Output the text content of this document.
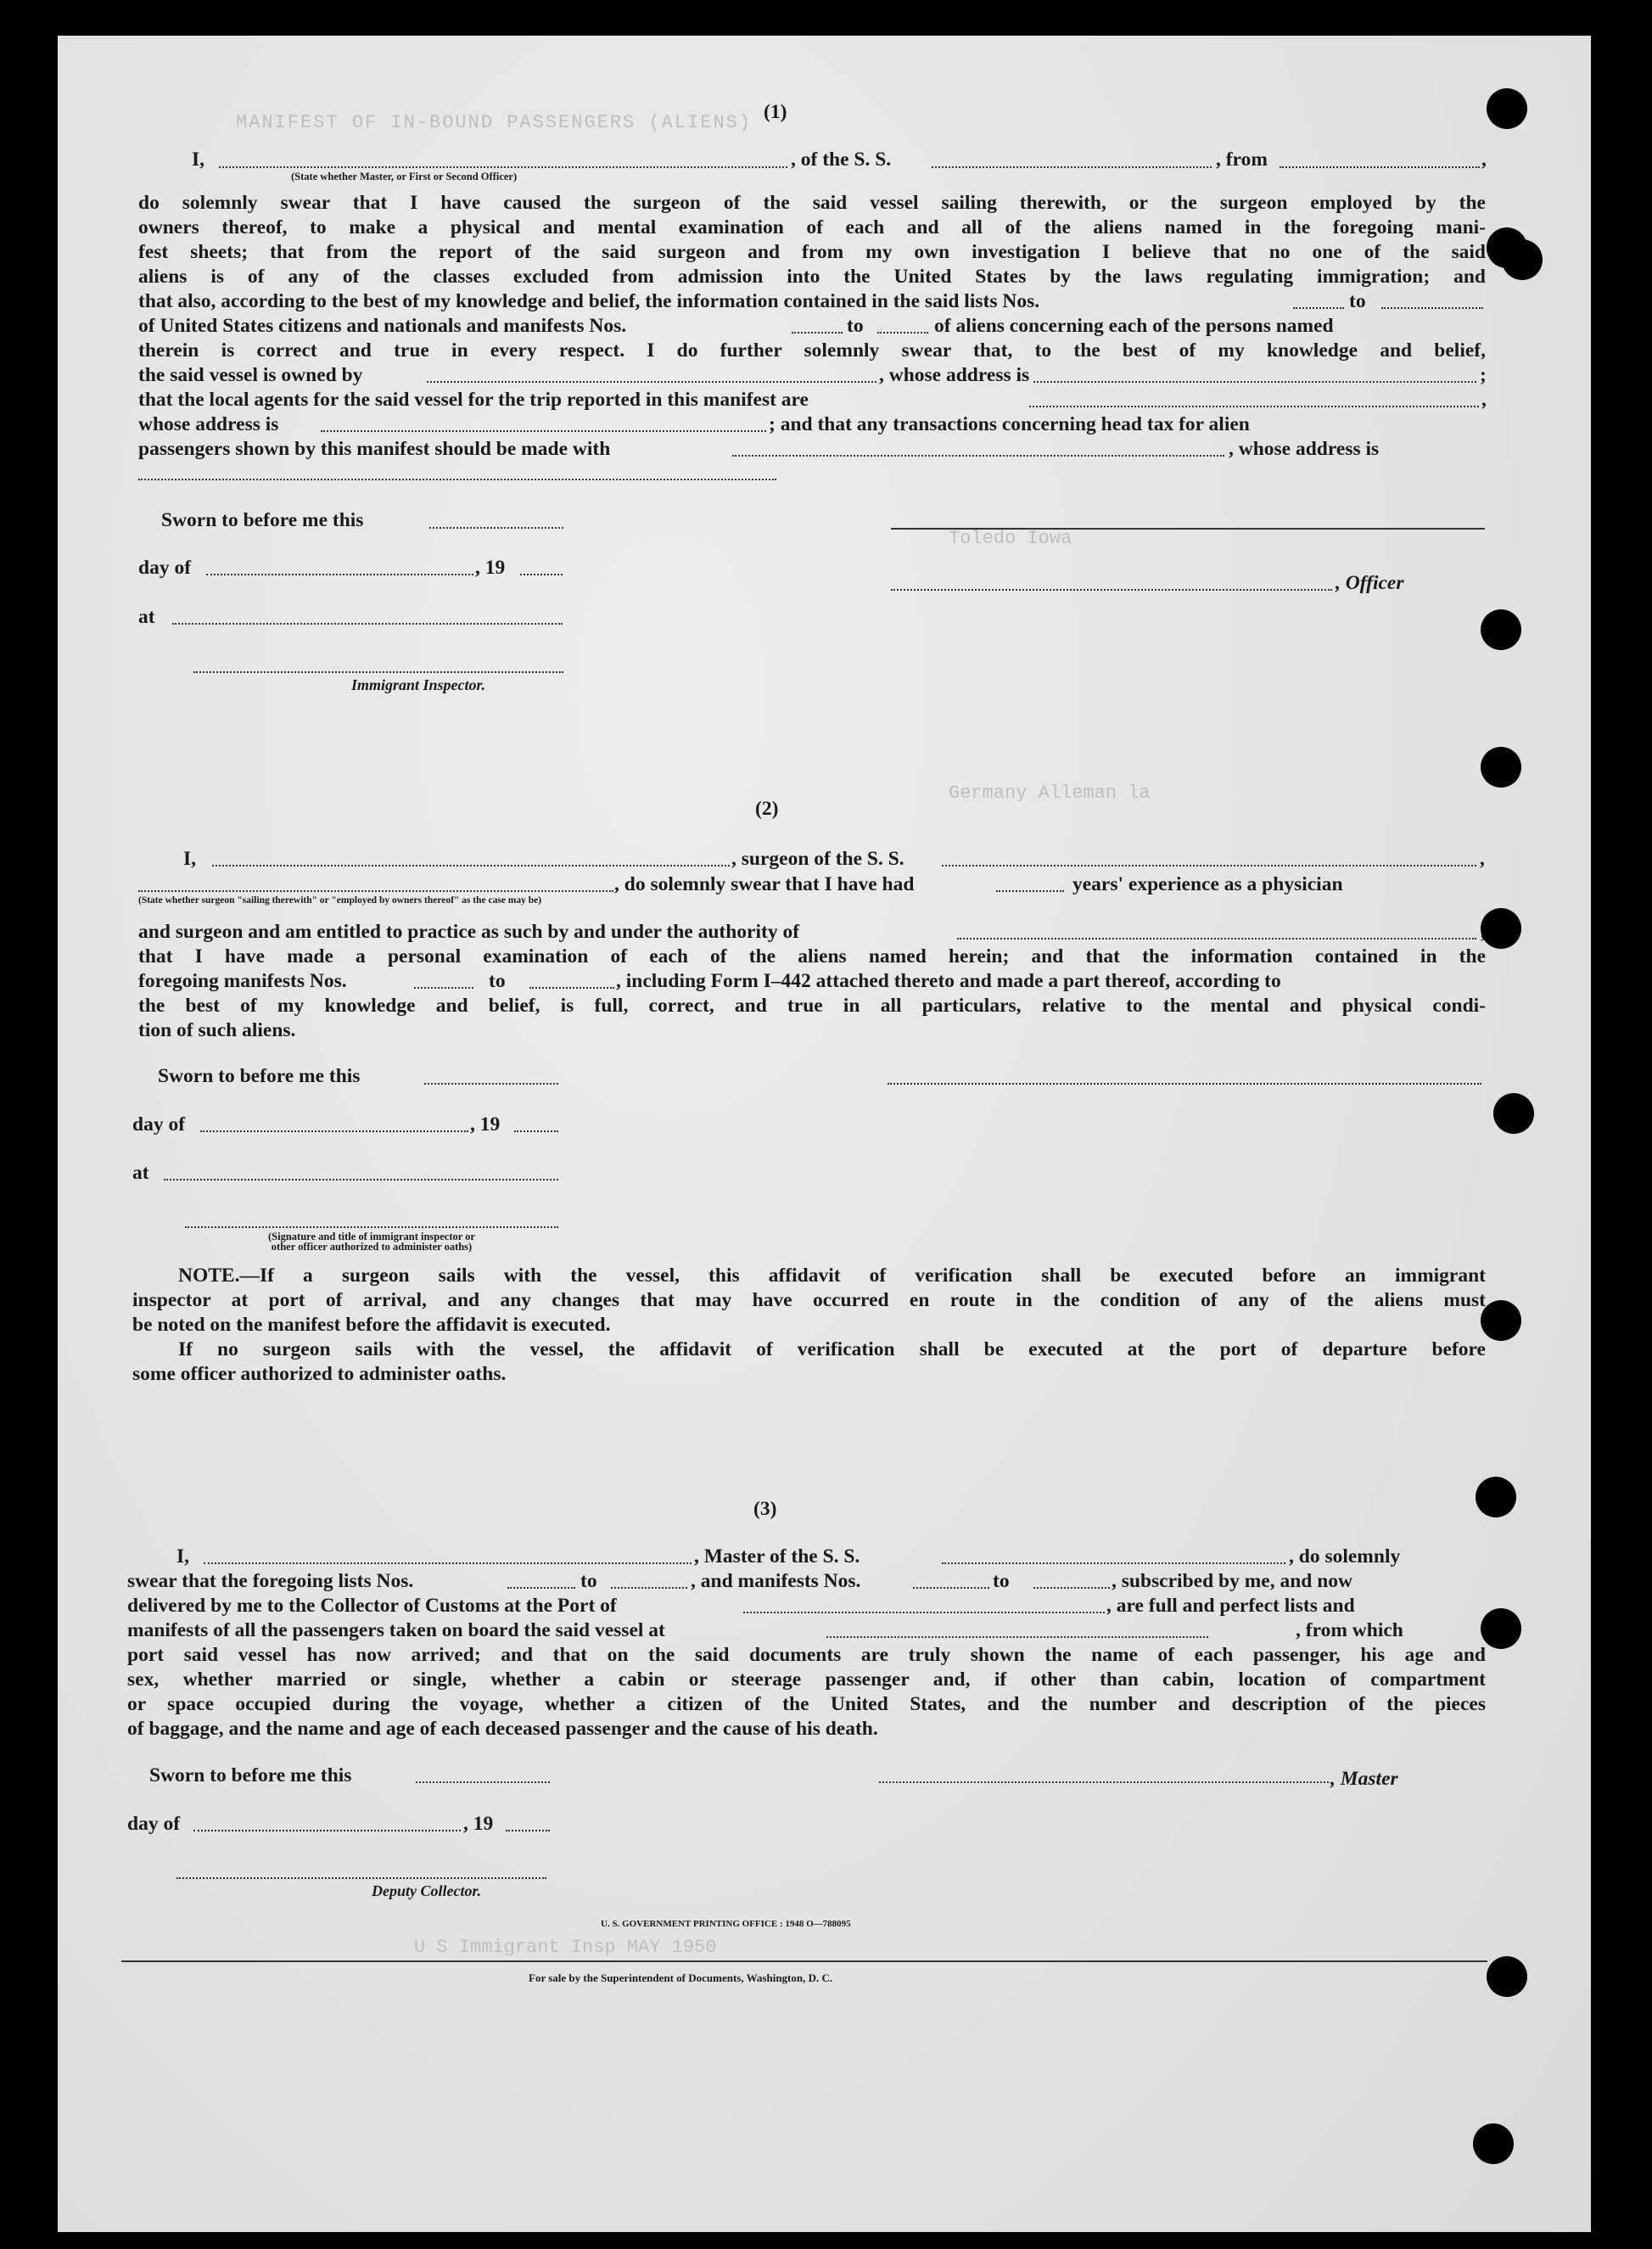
MANIFEST OF IN-BOUND PASSENGERS (ALIENS)
Toledo Iowa
Germany Alleman la
U S Immigrant Insp MAY 1950
(1)
I,	, of the S. S.	, from	,
(State whether Master, or First or Second Officer)
do solemnly swear that I have caused the surgeon of the said vessel sailing therewith, or the surgeon employed by the
owners thereof, to make a physical and mental examination of each and all of the aliens named in the foregoing mani-
fest sheets; that from the report of the said surgeon and from my own investigation I believe that no one of the said
aliens is of any of the classes excluded from admission into the United States by the laws regulating immigration; and
that also, according to the best of my knowledge and belief, the information contained in the said lists Nos.	to
of United States citizens and nationals and manifests Nos.	to	of aliens concerning each of the persons named
therein is correct and true in every respect. I do further solemnly swear that, to the best of my knowledge and belief,
the said vessel is owned by	, whose address is	;
that the local agents for the said vessel for the trip reported in this manifest are	,
whose address is	; and that any transactions concerning head tax for alien
passengers shown by this manifest should be made with	, whose address is
Sworn to before me this
day of	, 19
, Officer
at
Immigrant Inspector.
(2)
I,	, surgeon of the S. S.	,
, do solemnly swear that I have had	years' experience as a physician
(State whether surgeon "sailing therewith" or "employed by owners thereof" as the case may be)
and surgeon and am entitled to practice as such by and under the authority of
that I have made a personal examination of each of the aliens named herein; and that the information contained in the
foregoing manifests Nos.	to	, including Form I–442 attached thereto and made a part thereof, according to
the best of my knowledge and belief, is full, correct, and true in all particulars, relative to the mental and physical condi-
tion of such aliens.
Sworn to before me this
day of	, 19
at
(Signature and title of immigrant inspector or
other officer authorized to administer oaths)
NOTE.—If a surgeon sails with the vessel, this affidavit of verification shall be executed before an immigrant
inspector at port of arrival, and any changes that may have occurred en route in the condition of any of the aliens must
be noted on the manifest before the affidavit is executed.
If no surgeon sails with the vessel, the affidavit of verification shall be executed at the port of departure before
some officer authorized to administer oaths.
(3)
I,	, Master of the S. S.	, do solemnly
swear that the foregoing lists Nos.	to	, and manifests Nos.	to	, subscribed by me, and now
delivered by me to the Collector of Customs at the Port of	, are full and perfect lists and
manifests of all the passengers taken on board the said vessel at	, from which
port said vessel has now arrived; and that on the said documents are truly shown the name of each passenger, his age and
sex, whether married or single, whether a cabin or steerage passenger and, if other than cabin, location of compartment
or space occupied during the voyage, whether a citizen of the United States, and the number and description of the pieces
of baggage, and the name and age of each deceased passenger and the cause of his death.
Sworn to before me this	, Master
day of	, 19
Deputy Collector.
U. S. GOVERNMENT PRINTING OFFICE : 1948 O—788095
For sale by the Superintendent of Documents, Washington, D. C.
